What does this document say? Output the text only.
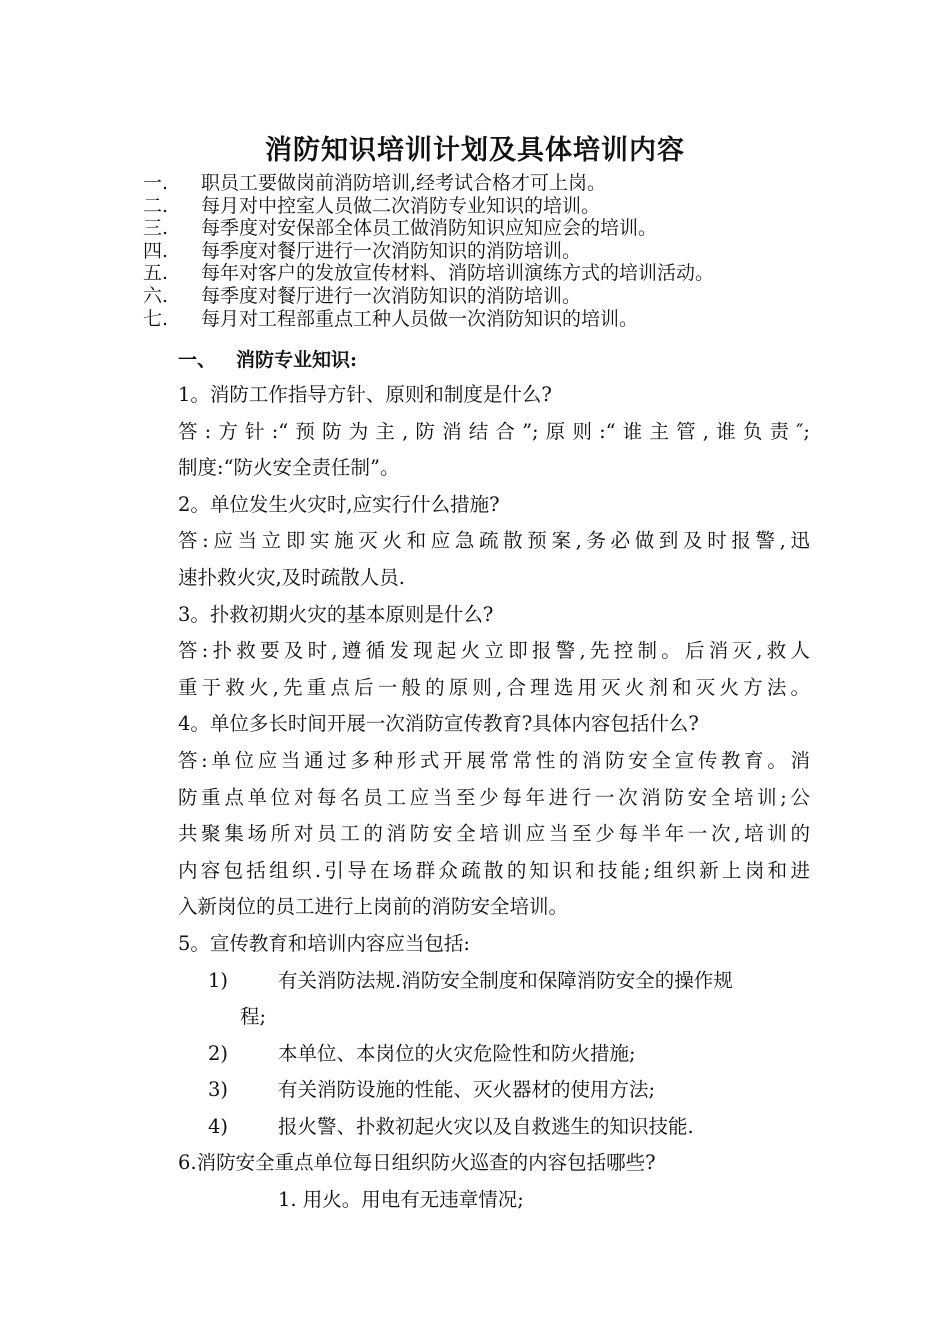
消防知识培训计划及具体培训内容
一. 职员工要做岗前消防培训,经考试合格才可上岗。
二. 每月对中控室人员做二次消防专业知识的培训。
三. 每季度对安保部全体员工做消防知识应知应会的培训。
四. 每季度对餐厅进行一次消防知识的消防培训。
五. 每年对客户的发放宣传材料、消防培训演练方式的培训活动。
六. 每季度对餐厅进行一次消防知识的消防培训。
七. 每月对工程部重点工种人员做一次消防知识的培训。
一、 消防专业知识:
1。消防工作指导方针、原则和制度是什么?
答:方针:“预防为主,防消结合”;原则:“谁主管,谁负责″;
制度:“防火安全责任制”。
2。单位发生火灾时,应实行什么措施?
答:应当立即实施灭火和应急疏散预案,务必做到及时报警,迅
速扑救火灾,及时疏散人员.
3。扑救初期火灾的基本原则是什么?
答:扑救要及时,遵循发现起火立即报警,先控制。后消灭,救人
重于救火,先重点后一般的原则,合理选用灭火剂和灭火方法。
4。单位多长时间开展一次消防宣传教育?具体内容包括什么?
答:单位应当通过多种形式开展常常性的消防安全宣传教育。消
防重点单位对每名员工应当至少每年进行一次消防安全培训;公
共聚集场所对员工的消防安全培训应当至少每半年一次,培训的
内容包括组织.引导在场群众疏散的知识和技能;组织新上岗和进
入新岗位的员工进行上岗前的消防安全培训。
5。宣传教育和培训内容应当包括:
1)	有关消防法规.消防安全制度和保障消防安全的操作规
程;
2)	本单位、本岗位的火灾危险性和防火措施;
3)	有关消防设施的性能、灭火器材的使用方法;
4)	报火警、扑救初起火灾以及自救逃生的知识技能.
6.消防安全重点单位每日组织防火巡查的内容包括哪些?
1. 用火。用电有无违章情况;
